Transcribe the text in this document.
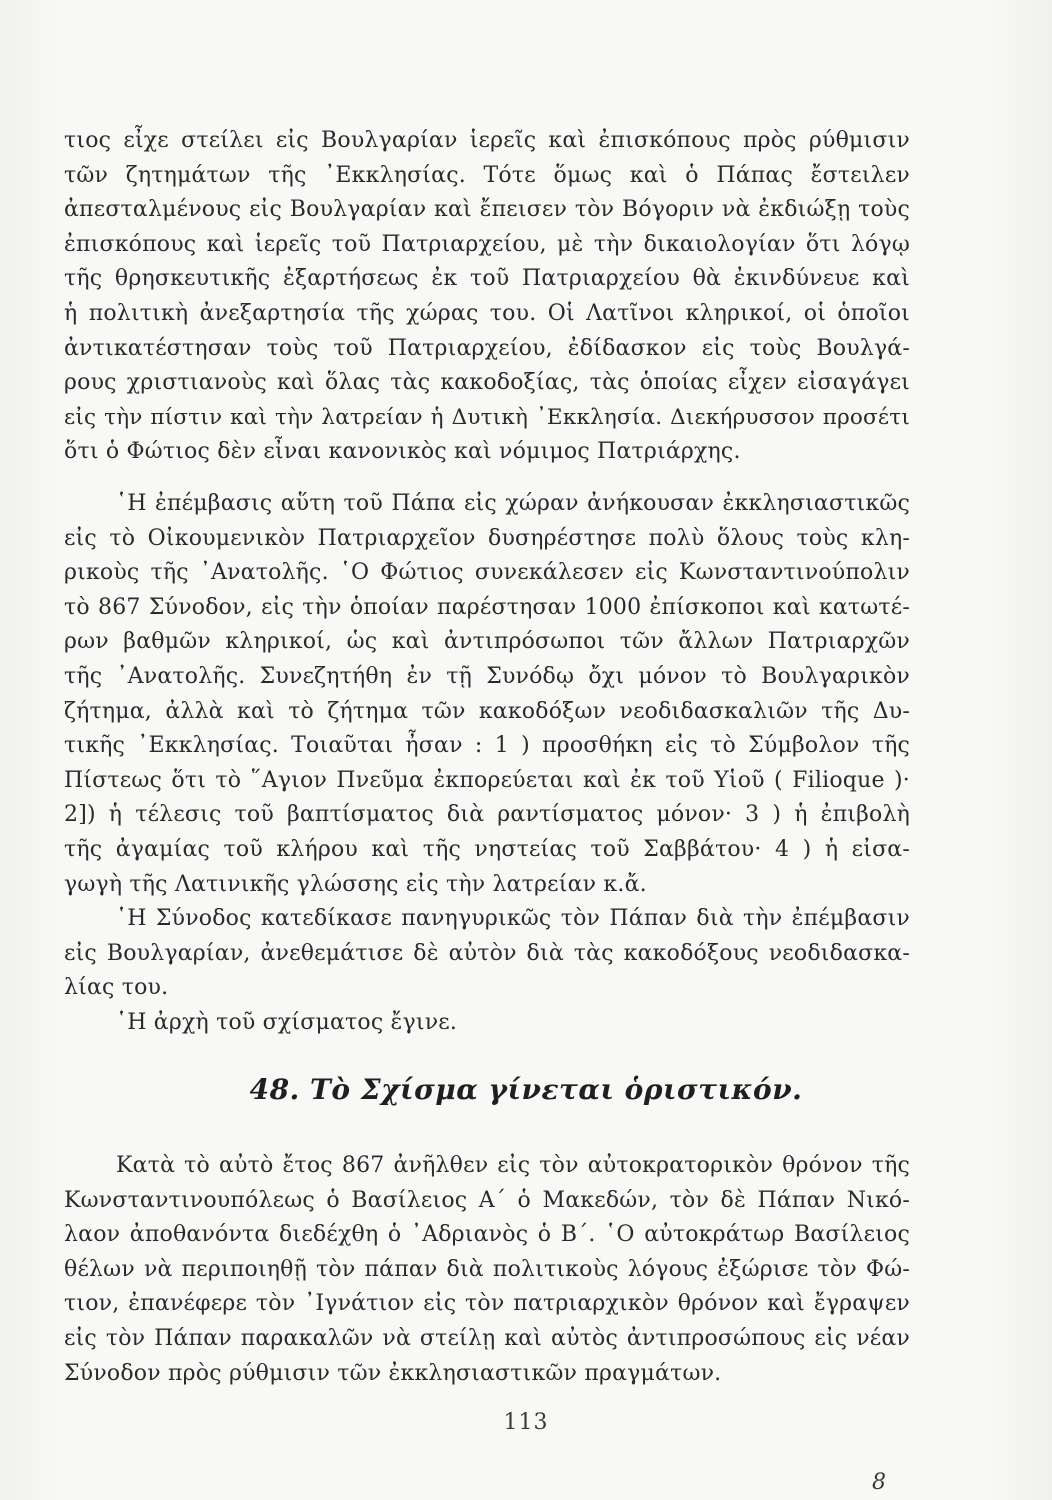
τιος εἶχε στείλει εἰς Βουλγαρίαν ἱερεῖς καὶ ἐπισκόπους πρὸς ρύθμισιν
τῶν ζητημάτων τῆς ᾿Εκκλησίας. Τότε ὅμως καὶ ὁ Πάπας ἔστειλεν
ἀπεσταλμένους εἰς Βουλγαρίαν καὶ ἔπεισεν τὸν Βόγοριν νὰ ἐκδιώξῃ τοὺς
ἐπισκόπους καὶ ἱερεῖς τοῦ Πατριαρχείου, μὲ τὴν δικαιολογίαν ὅτι λόγῳ
τῆς θρησκευτικῆς ἐξαρτήσεως ἐκ τοῦ Πατριαρχείου θὰ ἐκινδύνευε καὶ
ἡ πολιτικὴ ἀνεξαρτησία τῆς χώρας του. Οἱ Λατῖνοι κληρικοί, οἱ ὁποῖοι
ἀντικατέστησαν τοὺς τοῦ Πατριαρχείου, ἐδίδασκον εἰς τοὺς Βουλγά-
ρους χριστιανοὺς καὶ ὅλας τὰς κακοδοξίας, τὰς ὁποίας εἶχεν εἰσαγάγει
εἰς τὴν πίστιν καὶ τὴν λατρείαν ἡ Δυτικὴ ᾿Εκκλησία. Διεκήρυσσον προσέτι
ὅτι ὁ Φώτιος δὲν εἶναι κανονικὸς καὶ νόμιμος Πατριάρχης.
῾Η ἐπέμβασις αὕτη τοῦ Πάπα εἰς χώραν ἀνήκουσαν ἐκκλησιαστικῶς
εἰς τὸ Οἰκουμενικὸν Πατριαρχεῖον δυσηρέστησε πολὺ ὅλους τοὺς κλη-
ρικοὺς τῆς ᾿Ανατολῆς. ῾Ο Φώτιος συνεκάλεσεν εἰς Κωνσταντινούπολιν
τὸ 867 Σύνοδον, εἰς τὴν ὁποίαν παρέστησαν 1000 ἐπίσκοποι καὶ κατωτέ-
ρων βαθμῶν κληρικοί, ὡς καὶ ἀντιπρόσωποι τῶν ἄλλων Πατριαρχῶν
τῆς ᾿Ανατολῆς. Συνεζητήθη ἐν τῇ Συνόδῳ ὄχι μόνον τὸ Βουλγαρικὸν
ζήτημα, ἀλλὰ καὶ τὸ ζήτημα τῶν κακοδόξων νεοδιδασκαλιῶν τῆς Δυ-
τικῆς ᾿Εκκλησίας. Τοιαῦται ἦσαν : 1 ) προσθήκη εἰς τὸ Σύμβολον τῆς
Πίστεως ὅτι τὸ ῞Αγιον Πνεῦμα ἐκπορεύεται καὶ ἐκ τοῦ Υἱοῦ ( Filioque )·
2]) ἡ τέλεσις τοῦ βαπτίσματος διὰ ραντίσματος μόνον· 3 ) ἡ ἐπιβολὴ
τῆς ἀγαμίας τοῦ κλήρου καὶ τῆς νηστείας τοῦ Σαββάτου· 4 ) ἡ εἰσα-
γωγὴ τῆς Λατινικῆς γλώσσης εἰς τὴν λατρείαν κ.ἄ.
῾Η Σύνοδος κατεδίκασε πανηγυρικῶς τὸν Πάπαν διὰ τὴν ἐπέμβασιν
εἰς Βουλγαρίαν, ἀνεθεμάτισε δὲ αὐτὸν διὰ τὰς κακοδόξους νεοδιδασκα-
λίας του.
῾Η ἀρχὴ τοῦ σχίσματος ἔγινε.
48. Τὸ Σχίσμα γίνεται ὁριστικόν.
Κατὰ τὸ αὐτὸ ἔτος 867 ἀνῆλθεν εἰς τὸν αὐτοκρατορικὸν θρόνον τῆς
Κωνσταντινουπόλεως ὁ Βασίλειος Α΄ ὁ Μακεδών, τὸν δὲ Πάπαν Νικό-
λαον ἀποθανόντα διεδέχθη ὁ ᾿Αδριανὸς ὁ Β΄. ῾Ο αὐτοκράτωρ Βασίλειος
θέλων νὰ περιποιηθῇ τὸν πάπαν διὰ πολιτικοὺς λόγους ἐξώρισε τὸν Φώ-
τιον, ἐπανέφερε τὸν ᾿Ιγνάτιον εἰς τὸν πατριαρχικὸν θρόνον καὶ ἔγραψεν
εἰς τὸν Πάπαν παρακαλῶν νὰ στείλῃ καὶ αὐτὸς ἀντιπροσώπους εἰς νέαν
Σύνοδον πρὸς ρύθμισιν τῶν ἐκκλησιαστικῶν πραγμάτων.
113
8
